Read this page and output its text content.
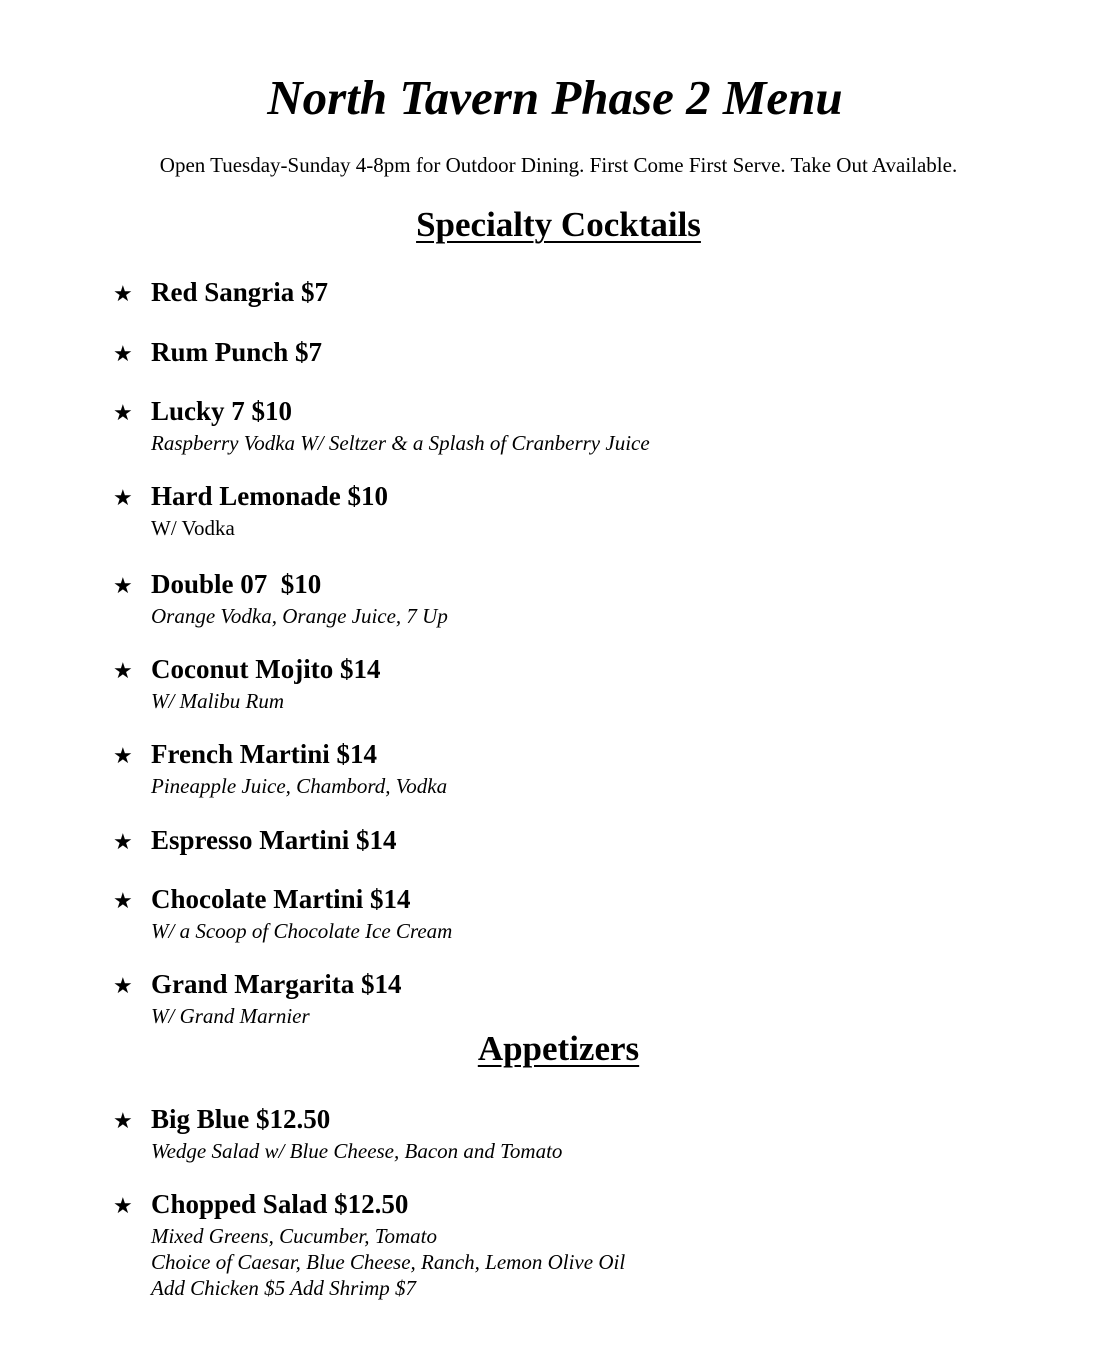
North Tavern Phase 2 Menu

Open Tuesday-Sunday 4-8pm for Outdoor Dining. First Come First Serve. Take Out Available.

Specialty Cocktails
★ Red Sangria $7
★ Rum Punch $7
★ Lucky 7 $10
Raspberry Vodka W/ Seltzer & a Splash of Cranberry Juice
★ Hard Lemonade $10
W/ Vodka
★ Double 07  $10
Orange Vodka, Orange Juice, 7 Up
★ Coconut Mojito $14
W/ Malibu Rum
★ French Martini $14
Pineapple Juice, Chambord, Vodka
★ Espresso Martini $14
★ Chocolate Martini $14
W/ a Scoop of Chocolate Ice Cream
★ Grand Margarita $14
W/ Grand Marnier
Appetizers
★ Big Blue $12.50
Wedge Salad w/ Blue Cheese, Bacon and Tomato
★ Chopped Salad $12.50
Mixed Greens, Cucumber, Tomato
Choice of Caesar, Blue Cheese, Ranch, Lemon Olive Oil
Add Chicken $5 Add Shrimp $7
